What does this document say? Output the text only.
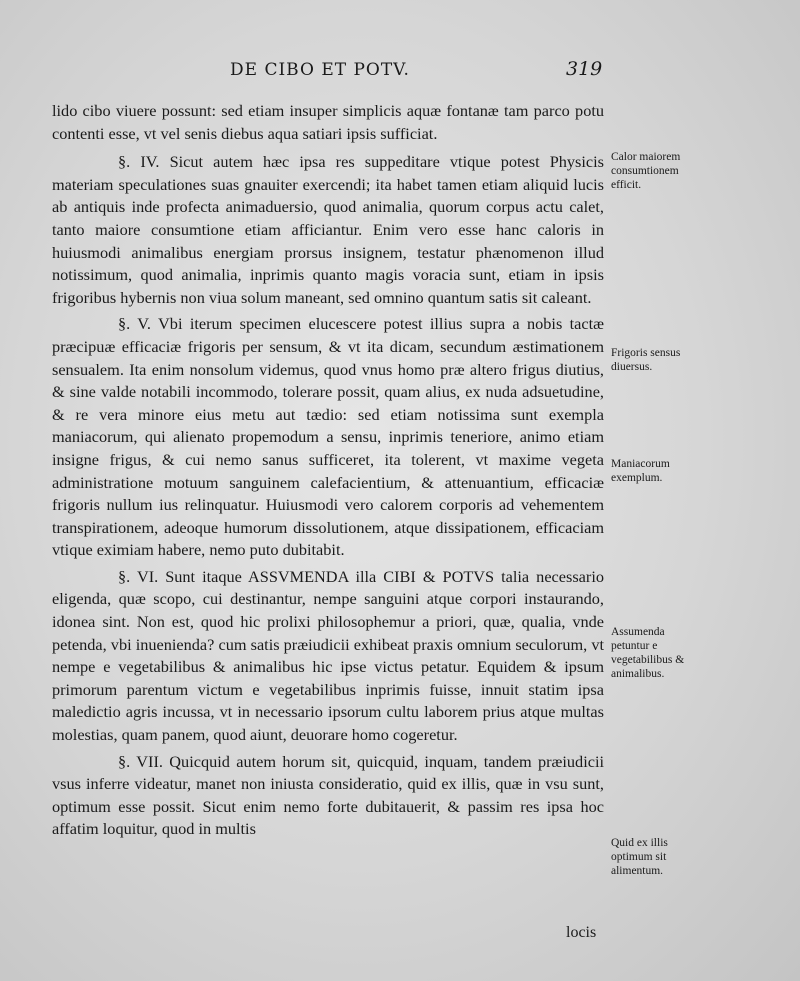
DE CIBO ET POTV.	319

lido cibo viuere possunt: sed etiam insuper simplicis aquæ fontanæ tam parco potu contenti esse, vt vel senis diebus aqua satiari ipsis sufficiat.

§. IV. Sicut autem hæc ipsa res suppeditare vtique potest Physicis materiam speculationes suas gnauiter exercendi; ita habet tamen etiam aliquid lucis ab antiquis inde profecta animaduersio, quod animalia, quorum corpus actu calet, tanto maiore consumtione etiam afficiantur. Enim vero esse hanc caloris in huiusmodi animalibus energiam prorsus insignem, testatur phænomenon illud notissimum, quod animalia, inprimis quanto magis voracia sunt, etiam in ipsis frigoribus hybernis non viua solum maneant, sed omnino quantum satis sit caleant.

§. V. Vbi iterum specimen elucescere potest illius supra a nobis tactæ præcipuæ efficaciæ frigoris per sensum, & vt ita dicam, secundum æstimationem sensualem. Ita enim nonsolum videmus, quod vnus homo præ altero frigus diutius, & sine valde notabili incommodo, tolerare possit, quam alius, ex nuda adsuetudine, & re vera minore eius metu aut tædio: sed etiam notissima sunt exempla maniacorum, qui alienato propemodum a sensu, inprimis teneriore, animo etiam insigne frigus, & cui nemo sanus sufficeret, ita tolerent, vt maxime vegeta administratione motuum sanguinem calefacientium, & attenuantium, efficaciæ frigoris nullum ius relinquatur. Huiusmodi vero calorem corporis ad vehementem transpirationem, adeoque humorum dissolutionem, atque dissipationem, efficaciam vtique eximiam habere, nemo puto dubitabit.

§. VI. Sunt itaque ASSVMENDA illa CIBI & POTVS talia necessario eligenda, quæ scopo, cui destinantur, nempe sanguini atque corpori instaurando, idonea sint. Non est, quod hic prolixi philosophemur a priori, quæ, qualia, vnde petenda, vbi inuenienda? cum satis præiudicii exhibeat praxis omnium seculorum, vt nempe e vegetabilibus & animalibus hic ipse victus petatur. Equidem & ipsum primorum parentum victum e vegetabilibus inprimis fuisse, innuit statim ipsa maledictio agris incussa, vt in necessario ipsorum cultu laborem prius atque multas molestias, quam panem, quod aiunt, deuorare homo cogeretur.

§. VII. Quicquid autem horum sit, quicquid, inquam, tandem præiudicii vsus inferre videatur, manet non iniusta consideratio, quid ex illis, quæ in vsu sunt, optimum esse possit. Sicut enim nemo forte dubitauerit, & passim res ipsa hoc affatim loquitur, quod in multis

Calor maiorem consumtionem efficit.
Frigoris sensus diuersus.
Maniacorum exemplum.
Assumenda petuntur e vegetabilibus & animalibus.
Quid ex illis optimum sit alimentum.
locis
